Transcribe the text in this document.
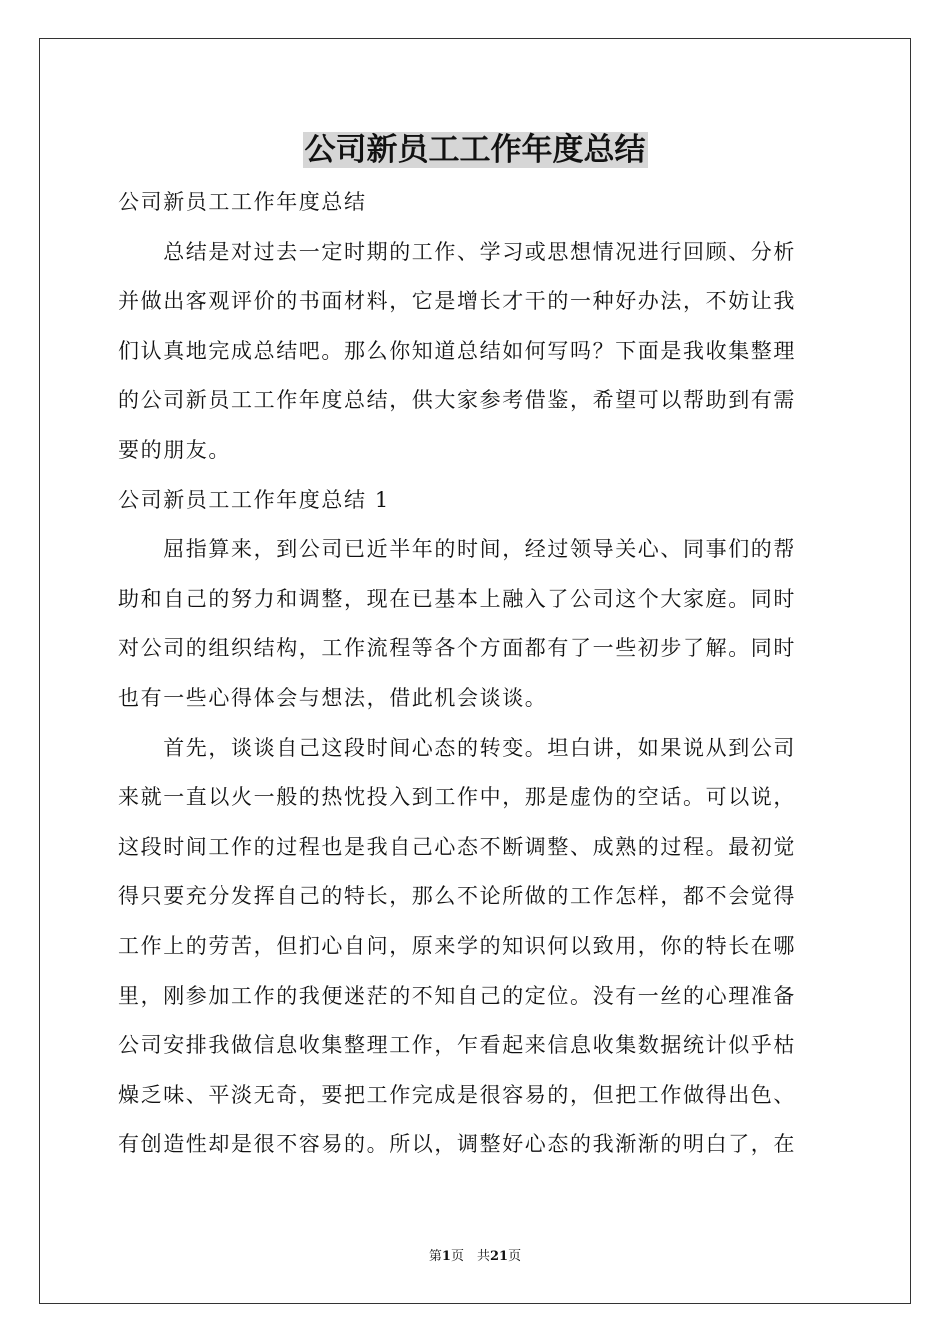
公司新员工工作年度总结

公司新员工工作年度总结

　　总结是对过去一定时期的工作、学习或思想情况进行回顾、分析

并做出客观评价的书面材料，它是增长才干的一种好办法，不妨让我

们认真地完成总结吧。那么你知道总结如何写吗？下面是我收集整理

的公司新员工工作年度总结，供大家参考借鉴，希望可以帮助到有需

要的朋友。

公司新员工工作年度总结 1

　　屈指算来，到公司已近半年的时间，经过领导关心、同事们的帮

助和自己的努力和调整，现在已基本上融入了公司这个大家庭。同时

对公司的组织结构，工作流程等各个方面都有了一些初步了解。同时

也有一些心得体会与想法，借此机会谈谈。

　　首先，谈谈自己这段时间心态的转变。坦白讲，如果说从到公司

来就一直以火一般的热忱投入到工作中，那是虚伪的空话。可以说，

这段时间工作的过程也是我自己心态不断调整、成熟的过程。最初觉

得只要充分发挥自己的特长，那么不论所做的工作怎样，都不会觉得

工作上的劳苦，但扪心自问，原来学的知识何以致用，你的特长在哪

里，刚参加工作的我便迷茫的不知自己的定位。没有一丝的心理准备

公司安排我做信息收集整理工作，乍看起来信息收集数据统计似乎枯

燥乏味、平淡无奇，要把工作完成是很容易的，但把工作做得出色、

有创造性却是很不容易的。所以，调整好心态的我渐渐的明白了，在

第1页　共21页
